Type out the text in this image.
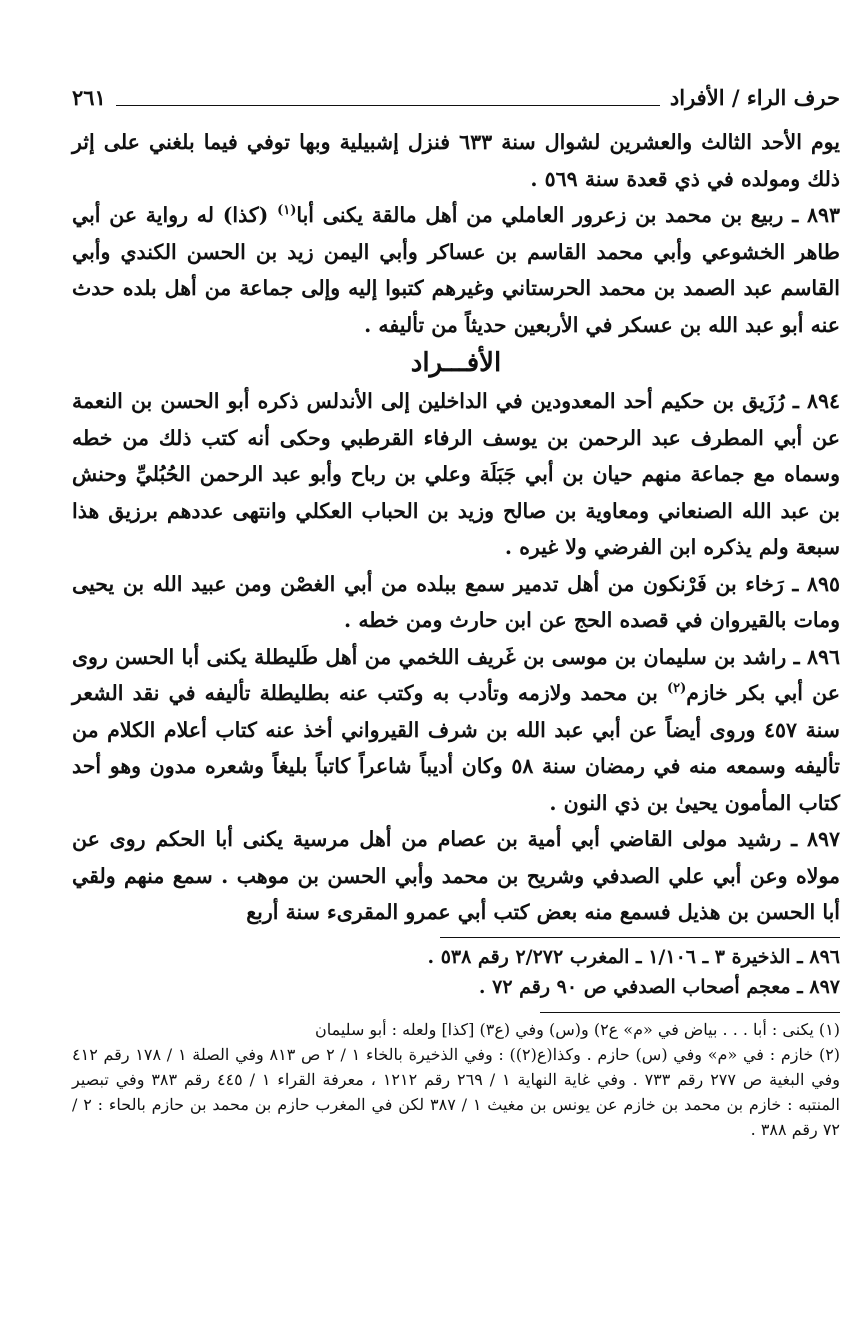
حرف الراء / الأفراد
٢٦١

يوم الأحد الثالث والعشرين لشوال سنة ٦٣٣ فنزل إشبيلية وبها توفي فيما بلغني على إثر ذلك ومولده في ذي قعدة سنة ٥٦٩ .

٨٩٣ ـ ربيع بن محمد بن زعرور العاملي من أهل مالقة يكنى أبا$^{(١)}$ (كذا) له رواية عن أبي طاهر الخشوعي وأبي محمد القاسم بن عساكر وأبي اليمن زيد بن الحسن الكندي وأبي القاسم عبد الصمد بن محمد الحرستاني وغيرهم كتبوا إليه وإلى جماعة من أهل بلده حدث عنه أبو عبد الله بن عسكر في الأربعين حديثاً من تأليفه .

الأفـــراد

٨٩٤ ـ رُزَيق بن حكيم أحد المعدودين في الداخلين إلى الأندلس ذكره أبو الحسن بن النعمة عن أبي المطرف عبد الرحمن بن يوسف الرفاء القرطبي وحكى أنه كتب ذلك من خطه وسماه مع جماعة منهم حيان بن أبي جَبَلَة وعلي بن رباح وأبو عبد الرحمن الحُبُليِّ وحنش بن عبد الله الصنعاني ومعاوية بن صالح وزيد بن الحباب العكلي وانتهى عددهم برزيق هذا سبعة ولم يذكره ابن الفرضي ولا غيره .

٨٩٥ ـ رَخاء بن فَرْنكون من أهل تدمير سمع ببلده من أبي الغصْن ومن عبيد الله بن يحيى ومات بالقيروان في قصده الحج عن ابن حارث ومن خطه .

٨٩٦ ـ راشد بن سليمان بن موسى بن غَريف اللخمي من أهل طَليطلة يكنى أبا الحسن روى عن أبي بكر خازم$^{(٢)}$ بن محمد ولازمه وتأدب به وكتب عنه بطليطلة تأليفه في نقد الشعر سنة ٤٥٧ وروى أيضاً عن أبي عبد الله بن شرف القيرواني أخذ عنه كتاب أعلام الكلام من تأليفه وسمعه منه في رمضان سنة ٥٨ وكان أديباً شاعراً كاتباً بليغاً وشعره مدون وهو أحد كتاب المأمون يحيىٰ بن ذي النون .

٨٩٧ ـ رشيد مولى القاضي أبي أمية بن عصام من أهل مرسية يكنى أبا الحكم روى عن مولاه وعن أبي علي الصدفي وشريح بن محمد وأبي الحسن بن موهب . سمع منهم ولقي أبا الحسن بن هذيل فسمع منه بعض كتب أبي عمرو المقرىء سنة أربع

٨٩٦ ـ الذخيرة ٣ ـ ١/١٠٦ ـ المغرب ٢/٢٧٢ رقم ٥٣٨ .

٨٩٧ ـ معجم أصحاب الصدفي ص ٩٠ رقم ٧٢ .

(١) يكنى : أبا . . . بياض في «م» ع٢) و(س) وفي (ع٣) [كذا] ولعله : أبو سليمان

(٢) خازم : في «م» وفي (س) حازم . وكذا(ع(٢)) : وفي الذخيرة بالخاء ١ / ٢ ص ٨١٣ وفي الصلة ١ / ١٧٨ رقم ٤١٢ وفي البغية ص ٢٧٧ رقم ٧٣٣ . وفي غاية النهاية ١ / ٢٦٩ رقم ١٢١٢ ، معرفة القراء ١ / ٤٤٥ رقم ٣٨٣ وفي تبصير المنتبه : خازم بن محمد بن خازم عن يونس بن مغيث ١ / ٣٨٧ لكن في المغرب حازم بن محمد بن حازم بالحاء : ٢ / ٧٢ رقم ٣٨٨ .
